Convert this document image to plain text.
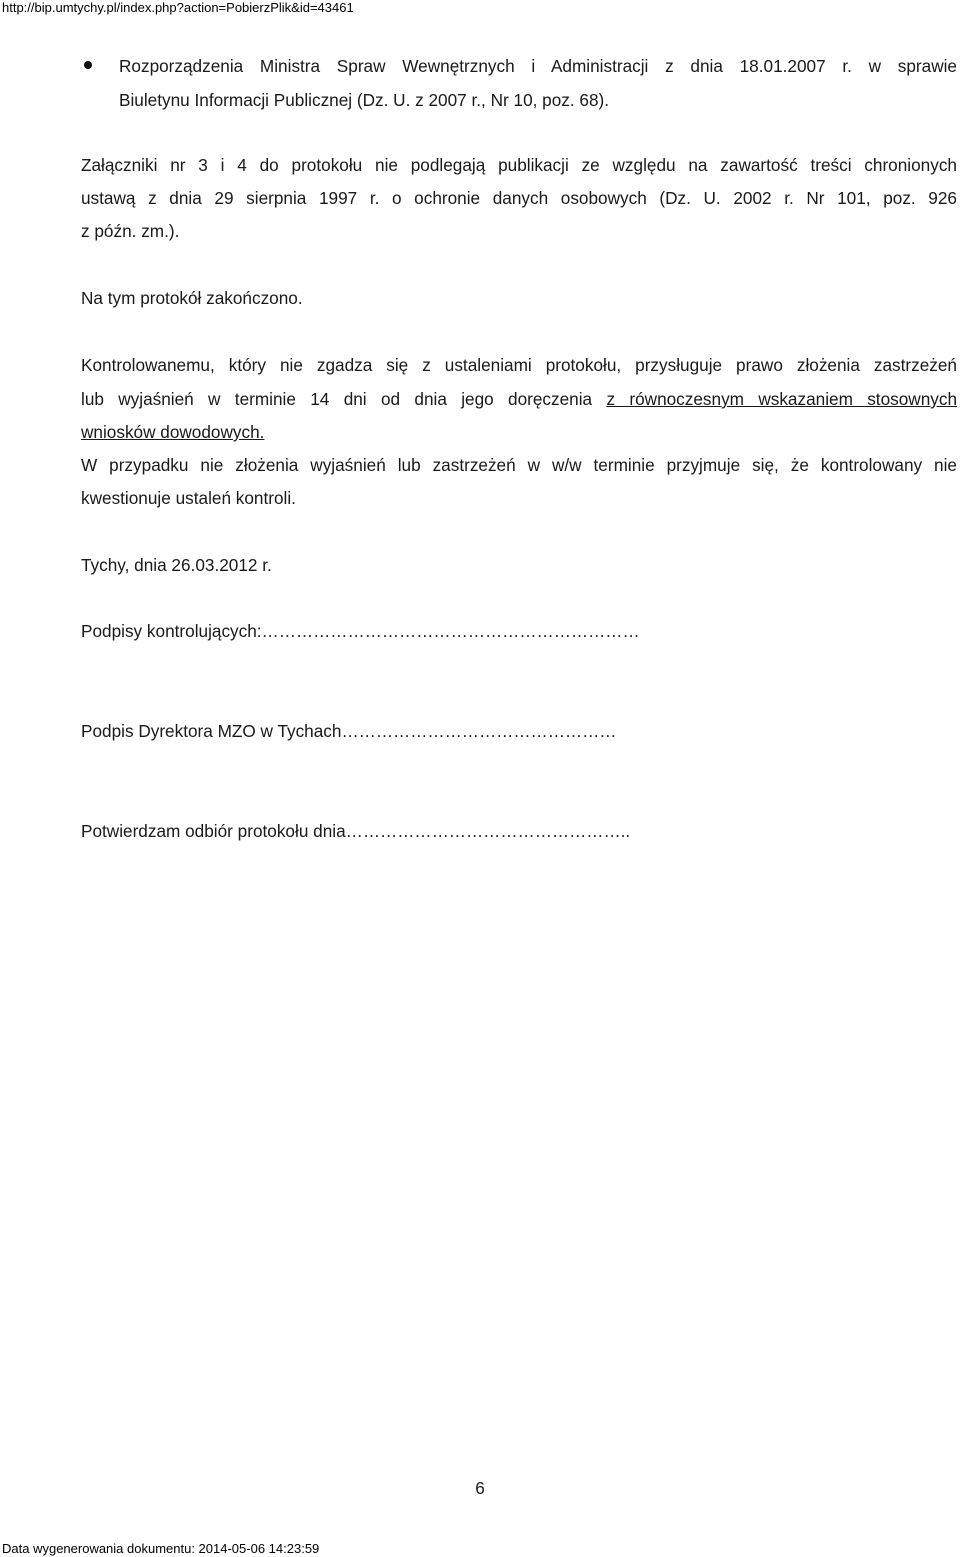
http://bip.umtychy.pl/index.php?action=PobierzPlik&id=43461
Rozporządzenia Ministra Spraw Wewnętrznych i Administracji z dnia 18.01.2007 r. w sprawie
Biuletynu Informacji Publicznej (Dz. U. z 2007 r., Nr 10, poz. 68).
Załączniki nr 3 i 4 do protokołu nie podlegają publikacji ze względu na zawartość treści chronionych
ustawą z dnia 29 sierpnia 1997 r. o ochronie danych osobowych (Dz. U. 2002 r. Nr 101, poz. 926
z późn. zm.).
Na tym protokół zakończono.
Kontrolowanemu, który nie zgadza się z ustaleniami protokołu, przysługuje prawo złożenia zastrzeżeń
lub wyjaśnień w terminie 14 dni od dnia jego doręczenia z równoczesnym wskazaniem stosownych
wniosków dowodowych.
W przypadku nie złożenia wyjaśnień lub zastrzeżeń w w/w terminie przyjmuje się, że kontrolowany nie
kwestionuje ustaleń kontroli.
Tychy, dnia 26.03.2012 r.
Podpisy kontrolujących:…………………………………………………………
Podpis Dyrektora MZO w Tychach…………………………………………
Potwierdzam odbiór protokołu dnia…………………………………………..
6
Data wygenerowania dokumentu: 2014-05-06 14:23:59
